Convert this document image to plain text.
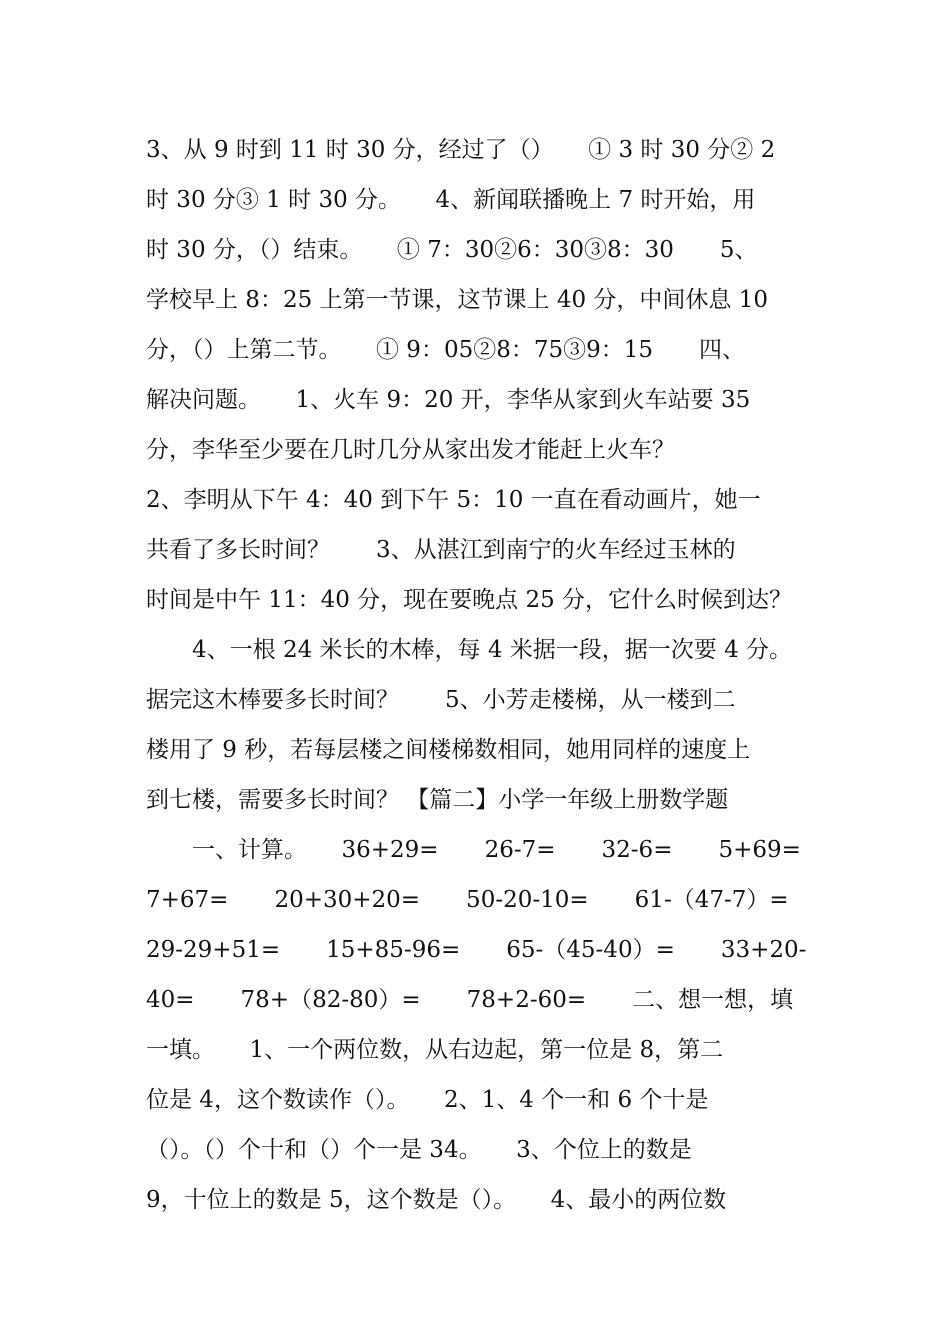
3、从 9 时到 11 时 30 分，经过了（）　　① 3 时 30 分② 2
时 30 分③ 1 时 30 分。　　4、新闻联播晚上 7 时开始，用
时 30 分，（）结束。　　① 7：30②6：30③8：30　　5、
学校早上 8：25 上第一节课，这节课上 40 分，中间休息 10
分，（）上第二节。　　① 9：05②8：75③9：15　　四、
解决问题。　　1、火车 9：20 开，李华从家到火车站要 35
分，李华至少要在几时几分从家出发才能赶上火车？
2、李明从下午 4：40 到下午 5：10 一直在看动画片，她一
共看了多长时间？　　3、从湛江到南宁的火车经过玉林的
时间是中午 11：40 分，现在要晚点 25 分，它什么时候到达？
　　4、一根 24 米长的木棒，每 4 米据一段，据一次要 4 分。
据完这木棒要多长时间？　　5、小芳走楼梯，从一楼到二
楼用了 9 秒，若每层楼之间楼梯数相同，她用同样的速度上
到七楼，需要多长时间？ 【篇二】小学一年级上册数学题
　　一、计算。　　36+29=　　26-7=　　32-6=　　5+69=
7+67=　　20+30+20=　　50-20-10=　　61-（47-7）=
29-29+51=　　15+85-96=　　65-（45-40）=　　33+20-
40=　　78+（82-80）=　　78+2-60=　　二、想一想，填
一填。　　1、一个两位数，从右边起，第一位是 8，第二
位是 4，这个数读作（）。　　2、1、4 个一和 6 个十是
（）。（）个十和（）个一是 34。　　3、个位上的数是
9，十位上的数是 5，这个数是（）。　　4、最小的两位数
